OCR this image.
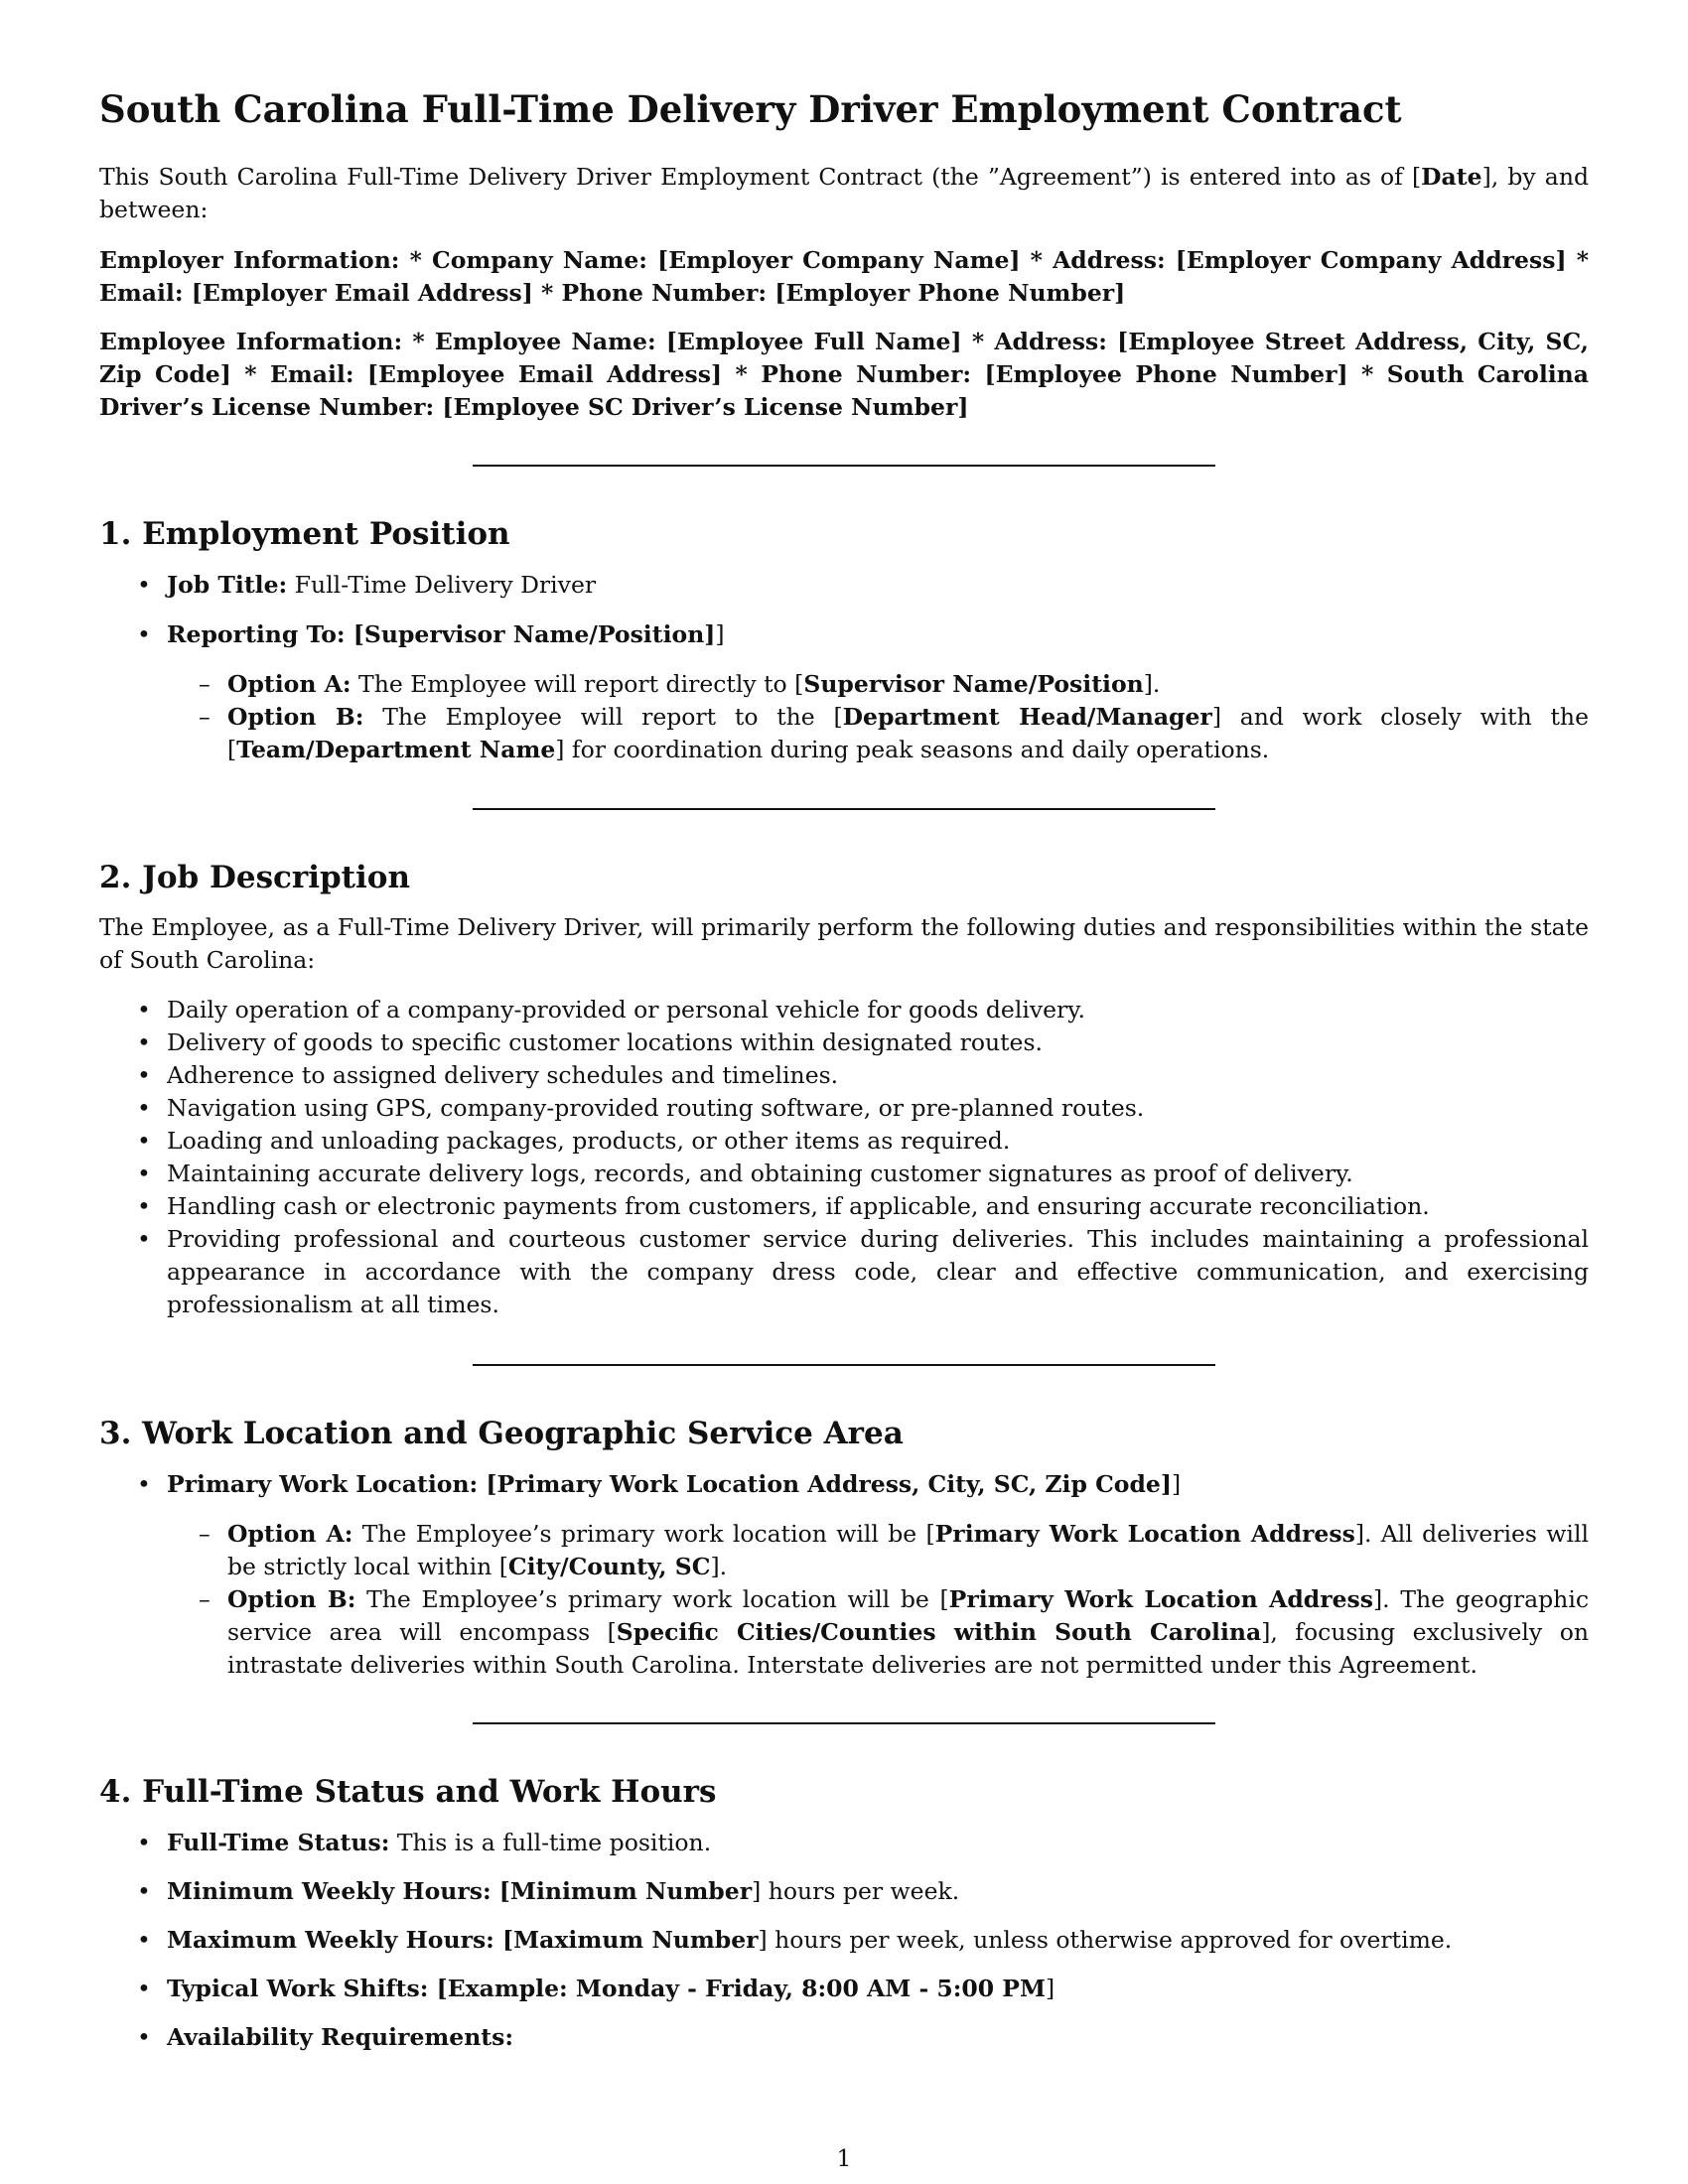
South Carolina Full-Time Delivery Driver Employment Contract

This South Carolina Full-Time Delivery Driver Employment Contract (the ”Agreement”) is entered into as of [Date], by and between:

Employer Information: * Company Name: [Employer Company Name] * Address: [Employer Company Address] * Email: [Employer Email Address] * Phone Number: [Employer Phone Number]

Employee Information: * Employee Name: [Employee Full Name] * Address: [Employee Street Address, City, SC, Zip Code] * Email: [Employee Email Address] * Phone Number: [Employee Phone Number] * South Carolina Driver’s License Number: [Employee SC Driver’s License Number]

1. Employment Position
• Job Title: Full-Time Delivery Driver
• Reporting To: [Supervisor Name/Position]]
– Option A: The Employee will report directly to [Supervisor Name/Position].
– Option B: The Employee will report to the [Department Head/Manager] and work closely with the [Team/Department Name] for coordination during peak seasons and daily operations.
2. Job Description

The Employee, as a Full-Time Delivery Driver, will primarily perform the following duties and responsibilities within the state of South Carolina:

• Daily operation of a company-provided or personal vehicle for goods delivery.
• Delivery of goods to specific customer locations within designated routes.
• Adherence to assigned delivery schedules and timelines.
• Navigation using GPS, company-provided routing software, or pre-planned routes.
• Loading and unloading packages, products, or other items as required.
• Maintaining accurate delivery logs, records, and obtaining customer signatures as proof of delivery.
• Handling cash or electronic payments from customers, if applicable, and ensuring accurate reconciliation.
• Providing professional and courteous customer service during deliveries. This includes maintaining a professional appearance in accordance with the company dress code, clear and effective communication, and exercising professionalism at all times.
3. Work Location and Geographic Service Area
• Primary Work Location: [Primary Work Location Address, City, SC, Zip Code]]
– Option A: The Employee’s primary work location will be [Primary Work Location Address]. All deliveries will be strictly local within [City/County, SC].
– Option B: The Employee’s primary work location will be [Primary Work Location Address]. The geographic service area will encompass [Specific Cities/Counties within South Carolina], focusing exclusively on intrastate deliveries within South Carolina. Interstate deliveries are not permitted under this Agreement.
4. Full-Time Status and Work Hours
• Full-Time Status: This is a full-time position.
• Minimum Weekly Hours: [Minimum Number] hours per week.
• Maximum Weekly Hours: [Maximum Number] hours per week, unless otherwise approved for overtime.
• Typical Work Shifts: [Example: Monday - Friday, 8:00 AM - 5:00 PM]
• Availability Requirements:
1
